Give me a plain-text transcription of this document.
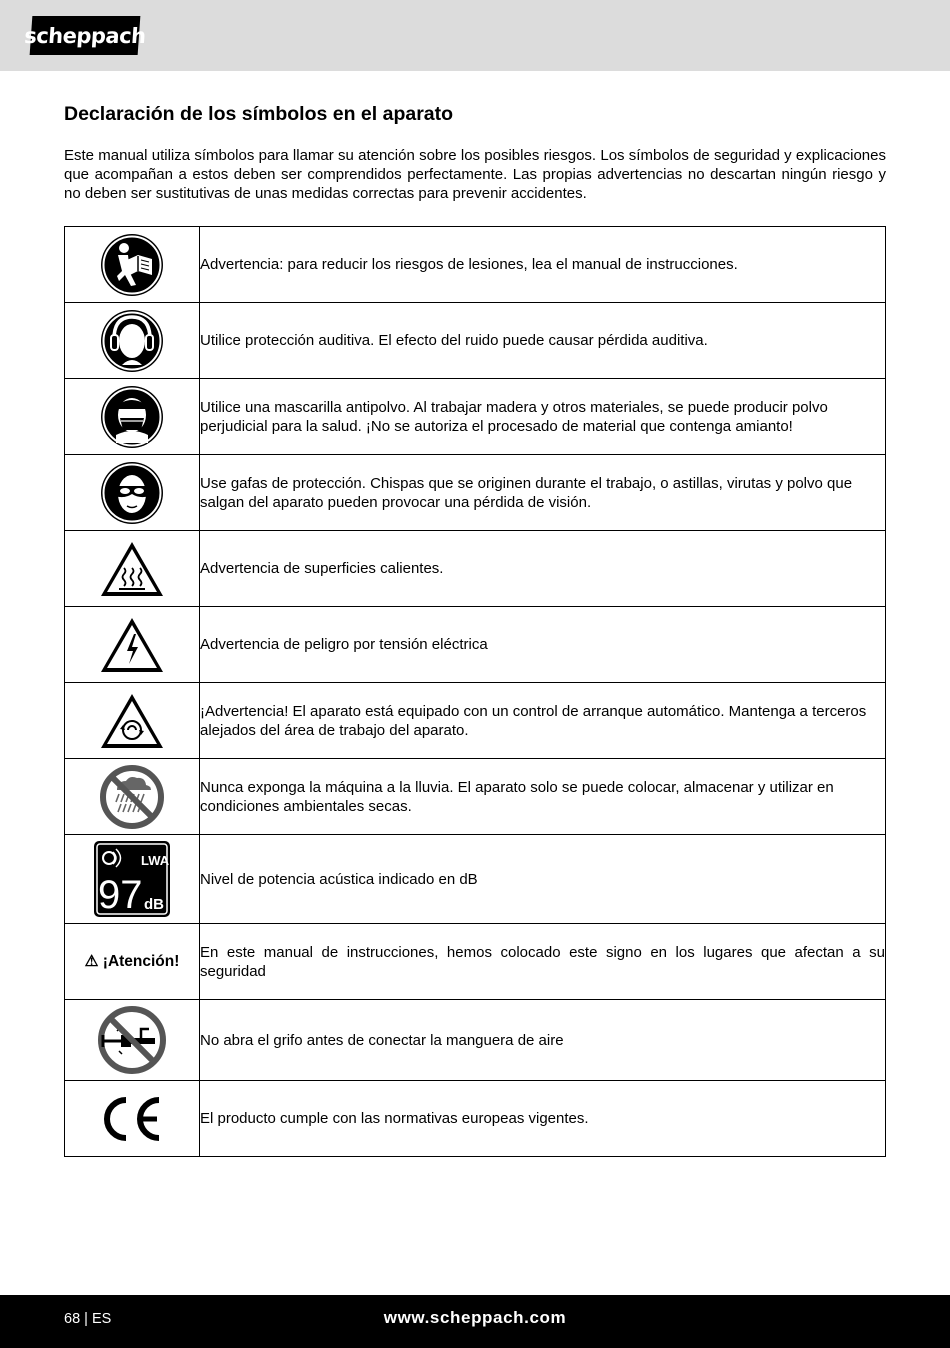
scheppach
Declaración de los símbolos en el aparato

Este manual utiliza símbolos para llamar su atención sobre los posibles riesgos. Los símbolos de seguridad y explicaciones que acompañan a estos deben ser comprendidos perfectamente. Las propias advertencias no descartan ningún riesgo y no deben ser sustitutivas de unas medidas correctas para prevenir accidentes.

	Advertencia: para reducir los riesgos de lesiones, lea el manual de instrucciones.

	Utilice protección auditiva. El efecto del ruido puede causar pérdida auditiva.

	Utilice una mascarilla antipolvo. Al trabajar madera y otros materiales, se puede producir polvo perjudicial para la salud. ¡No se autoriza el procesado de material que contenga amianto!

	Use gafas de protección. Chispas que se originen durante el trabajo, o astillas, virutas y polvo que salgan del aparato pueden provocar una pérdida de visión.

	Advertencia de superficies calientes.

	Advertencia de peligro por tensión eléctrica

	¡Advertencia! El aparato está equipado con un control de arranque automático. Mantenga a terceros alejados del área de trabajo del aparato.

	Nunca exponga la máquina a la lluvia. El aparato solo se puede colocar, almacenar y utilizar en condiciones ambientales secas.

LWA
97 dB	Nivel de potencia acústica indicado en dB
⚠ ¡Atención!	En este manual de instrucciones, hemos colocado este signo en los lugares que afectan a su seguridad

	No abra el grifo antes de conectar la manguera de aire

	El producto cumple con las normativas europeas vigentes.
68 | ES	www.scheppach.com
